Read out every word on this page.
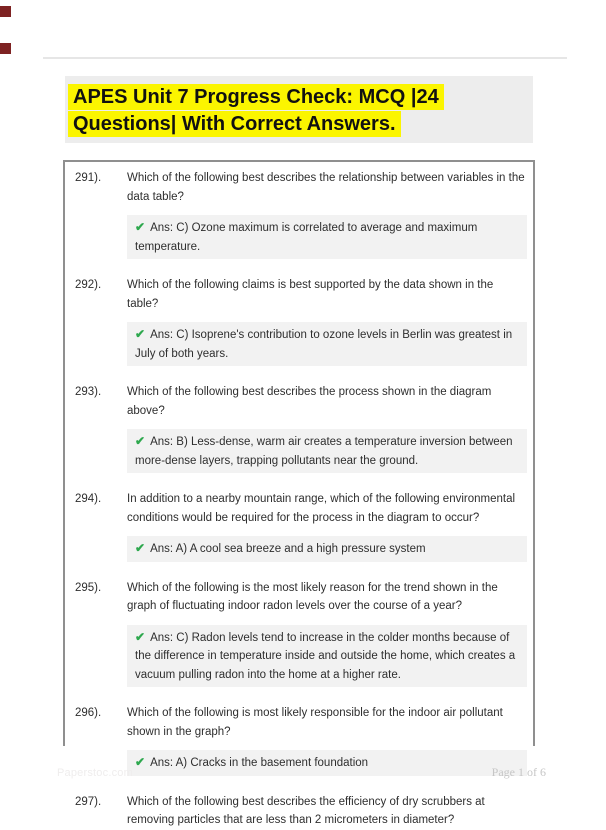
APES Unit 7 Progress Check: MCQ |24 Questions| With Correct Answers.
291).	Which of the following best describes the relationship between variables in the data table?
✔ Ans: C) Ozone maximum is correlated to average and maximum temperature.
292).	Which of the following claims is best supported by the data shown in the table?
✔ Ans: C) Isoprene's contribution to ozone levels in Berlin was greatest in July of both years.
293).	Which of the following best describes the process shown in the diagram above?
✔ Ans: B) Less-dense, warm air creates a temperature inversion between more-dense layers, trapping pollutants near the ground.
294).	In addition to a nearby mountain range, which of the following environmental conditions would be required for the process in the diagram to occur?
✔ Ans: A) A cool sea breeze and a high pressure system
295).	Which of the following is the most likely reason for the trend shown in the graph of fluctuating indoor radon levels over the course of a year?
✔ Ans: C) Radon levels tend to increase in the colder months because of the difference in temperature inside and outside the home, which creates a vacuum pulling radon into the home at a higher rate.
296).	Which of the following is most likely responsible for the indoor air pollutant shown in the graph?
✔ Ans: A) Cracks in the basement foundation
297).	Which of the following best describes the efficiency of dry scrubbers at removing particles that are less than 2 micrometers in diameter?
Paperstoc.com	Page 1 of 6
